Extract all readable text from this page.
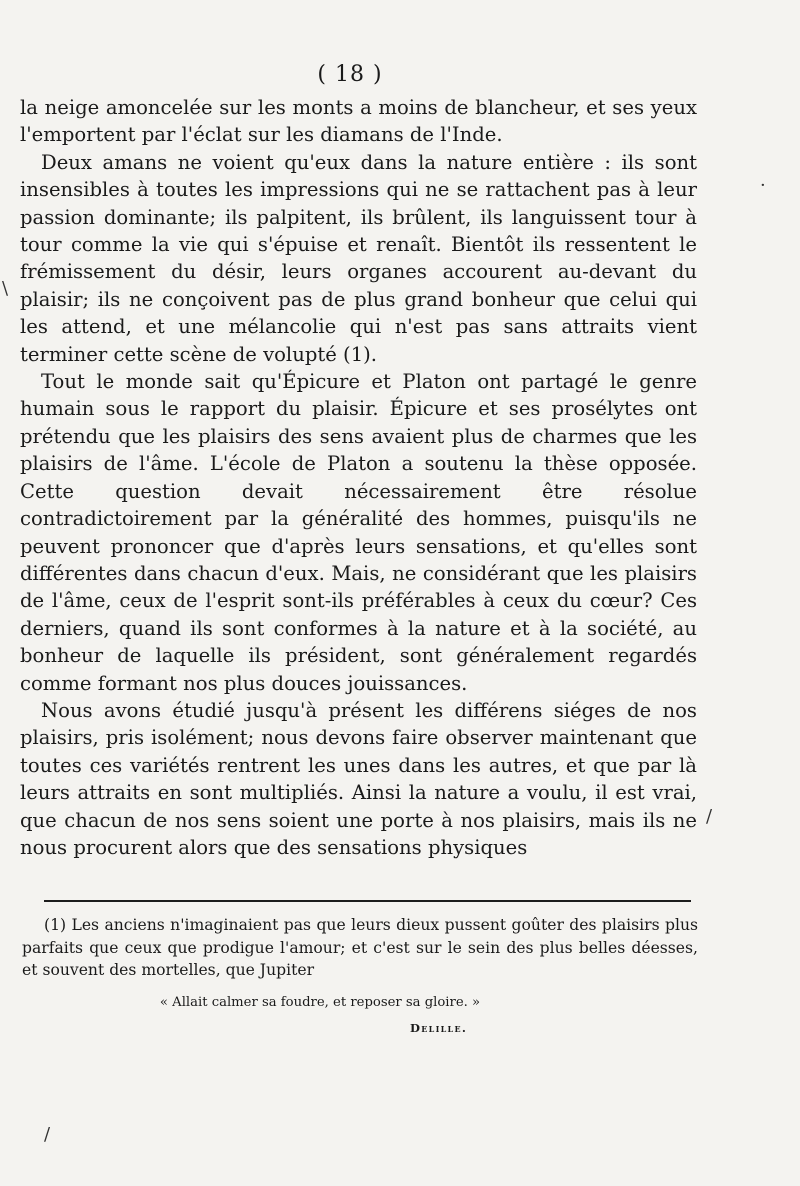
( 18 )

la neige amoncelée sur les monts a moins de blancheur, et ses yeux l'emportent par l'éclat sur les diamans de l'Inde.

Deux amans ne voient qu'eux dans la nature entière : ils sont insensibles à toutes les impressions qui ne se rattachent pas à leur passion dominante; ils palpitent, ils brûlent, ils languissent tour à tour comme la vie qui s'épuise et renaît. Bientôt ils ressentent le frémissement du désir, leurs organes accourent au-devant du plaisir; ils ne conçoivent pas de plus grand bonheur que celui qui les attend, et une mélancolie qui n'est pas sans attraits vient terminer cette scène de volupté (1).

Tout le monde sait qu'Épicure et Platon ont partagé le genre humain sous le rapport du plaisir. Épicure et ses prosélytes ont prétendu que les plaisirs des sens avaient plus de charmes que les plaisirs de l'âme. L'école de Platon a soutenu la thèse opposée. Cette question devait nécessairement être résolue contradictoirement par la généralité des hommes, puisqu'ils ne peuvent prononcer que d'après leurs sensations, et qu'elles sont différentes dans chacun d'eux. Mais, ne considérant que les plaisirs de l'âme, ceux de l'esprit sont-ils préférables à ceux du cœur? Ces derniers, quand ils sont conformes à la nature et à la société, au bonheur de laquelle ils président, sont généralement regardés comme formant nos plus douces jouissances.

Nous avons étudié jusqu'à présent les différens siéges de nos plaisirs, pris isolément; nous devons faire observer maintenant que toutes ces variétés rentrent les unes dans les autres, et que par là leurs attraits en sont multipliés. Ainsi la nature a voulu, il est vrai, que chacun de nos sens soient une porte à nos plaisirs, mais ils ne nous procurent alors que des sensations physiques

(1) Les anciens n'imaginaient pas que leurs dieux pussent goûter des plaisirs plus parfaits que ceux que prodigue l'amour; et c'est sur le sein des plus belles déesses, et souvent des mortelles, que Jupiter

« Allait calmer sa foudre, et reposer sa gloire. »
Delille.
·
\
/
/
